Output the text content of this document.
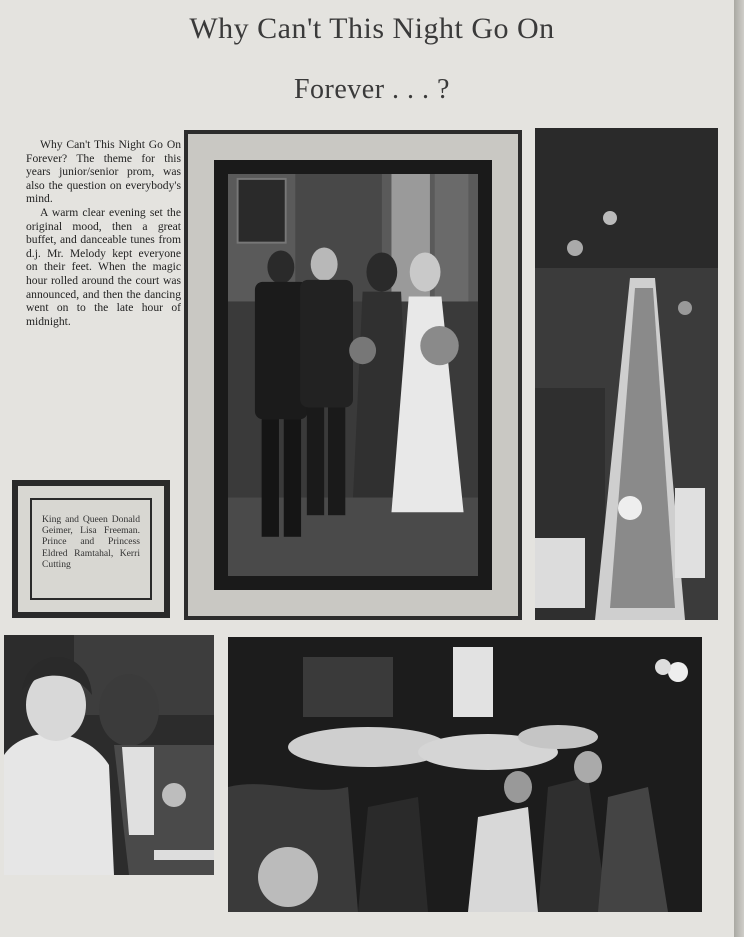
Why Can't This Night Go On
Forever . . . ?

Why Can't This Night Go On Forever? The theme for this years junior/senior prom, was also the question on everybody's mind.

A warm clear evening set the original mood, then a great buffet, and danceable tunes from d.j. Mr. Melody kept everyone on their feet. When the magic hour rolled around the court was announced, and then the dancing went on to the late hour of midnight.

King and Queen Donald Geimer, Lisa Freeman. Prince and Princess Eldred Ramtahal, Kerri Cutting
